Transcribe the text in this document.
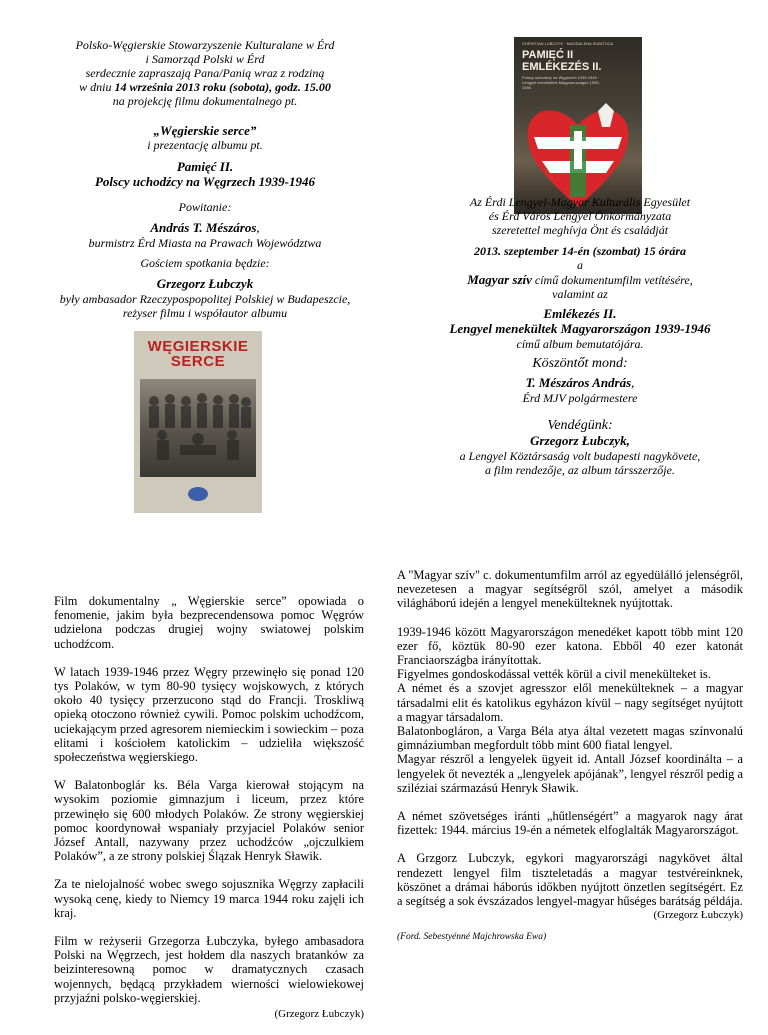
Polsko-Węgierskie Stowarzyszenie Kulturalane w Érd

i Samorząd Polski w Érd

serdecznie zapraszają Pana/Panią wraz z rodziną

w dniu 14 września 2013 roku (sobota), godz. 15.00

na projekcję filmu dokumentalnego pt.

„Węgierskie serce”

i prezentację albumu pt.

Pamięć II.

Polscy uchodźcy na Węgrzech 1939-1946

Powitanie:

András T. Mészáros,

burmistrz Érd Miasta na Prawach Województwa

Gościem spotkania będzie:

Grzegorz Łubczyk

były ambasador Rzeczypospopolitej Polskiej w Budapeszcie,

reżyser filmu i współautor albumu

CHRISTIAN LUBCZYK · MAGDALENA SUBOTICA
PAMIĘĆ II
EMLÉKEZÉS II.
Polscy uchodźcy na Węgrzech 1939-1946 · Lengyel menekültek Magyarországon 1939-1946

Az Érdi Lengyel-Magyar Kulturális Egyesület

és Érd Város Lengyel Önkormányzata

szeretettel meghívja Önt és családját

2013. szeptember 14-én (szombat) 15 órára

a

Magyar szív című dokumentumfilm vetítésére,

valamint az

Emlékezés II.

Lengyel menekültek Magyarországon 1939-1946

című album bemutatójára.

Köszöntőt mond:

T. Mészáros András,

Érd MJV polgármestere

Vendégünk:

Grzegorz Łubczyk,

a Lengyel Köztársaság volt budapesti nagykövete,

a film rendezője, az album társszerzője.

WĘGIERSKIE
SERCE

Film dokumentalny „ Węgierskie serce” opowiada o fenomenie, jakim była bezprecendensowa pomoc Węgrów udzielona podczas drugiej wojny swiatowej polskim uchodźcom.

W latach 1939-1946 przez Węgry przewinęło się ponad 120 tys Polaków, w tym 80-90 tysięcy wojskowych, z których około 40 tysięcy przerzucono stąd do Francji. Troskliwą opieką otoczono również cywili. Pomoc polskim uchodźcom, uciekającym przed agresorem niemieckim i sowieckim – poza elitami i kościołem katolickim – udzieliła większość społeczeństwa węgierskiego.

W Balatonboglár ks. Béla Varga kierował stojącym na wysokim poziomie gimnazjum i liceum, przez które przewinęło się 600 młodych Polaków. Ze strony węgierskiej pomoc koordynował wspaniały przyjaciel Polaków senior József Antall, nazywany przez uchodźców „ojczulkiem Polaków”, a ze strony polskiej Ślązak Henryk Sławik.

Za te nielojalność wobec swego sojusznika Węgrzy zapłacili wysoką cenę, kiedy to Niemcy 19 marca 1944 roku zajęli ich kraj.

Film w reżyserii Grzegorza Łubczyka, byłego ambasadora Polski na Węgrzech, jest hołdem dla naszych bratanków za beizinteresowną pomoc w dramatycznych czasach wojennych, będącą przykładem wierności wielowiekowej przyjaźni polsko-węgierskiej.

(Grzegorz Łubczyk)

A "Magyar szív" c. dokumentumfilm arról az egyedülálló jelenségről, nevezetesen a magyar segítségről szól, amelyet a második világháború idején a lengyel menekülteknek nyújtottak.

1939-1946 között Magyarországon menedéket kapott több mint 120 ezer fő, köztük 80-90 ezer katona. Ebből 40 ezer katonát Franciaországba irányítottak.

Figyelmes gondoskodással vették körül a civil menekülteket is.

A német és a szovjet agresszor elől menekülteknek – a magyar társadalmi elit és katolikus egyházon kívül – nagy segítséget nyújtott a magyar társadalom.

Balatonbogláron, a Varga Béla atya által vezetett magas színvonalú gimnáziumban megfordult több mint 600 fiatal lengyel.

Magyar részről a lengyelek ügyeit id. Antall József koordinálta – a lengyelek őt nevezték a „lengyelek apójának”, lengyel részről pedig a sziléziai származású Henryk Sławik.

A német szövetséges iránti „hűtlenségért” a magyarok nagy árat fizettek: 1944. március 19-én a németek elfoglalták Magyarországot.

A Grzgorz Lubczyk, egykori magyarországi nagykövet által rendezett lengyel film tiszteletadás a magyar testvéreinknek, köszönet a drámai háborús időkben nyújtott önzetlen segítségért. Ez a segítség a sok évszázados lengyel-magyar hűséges barátság példája.

(Grzegorz Łubczyk)

(Ford. Sebestyénné Majchrowska Ewa)
